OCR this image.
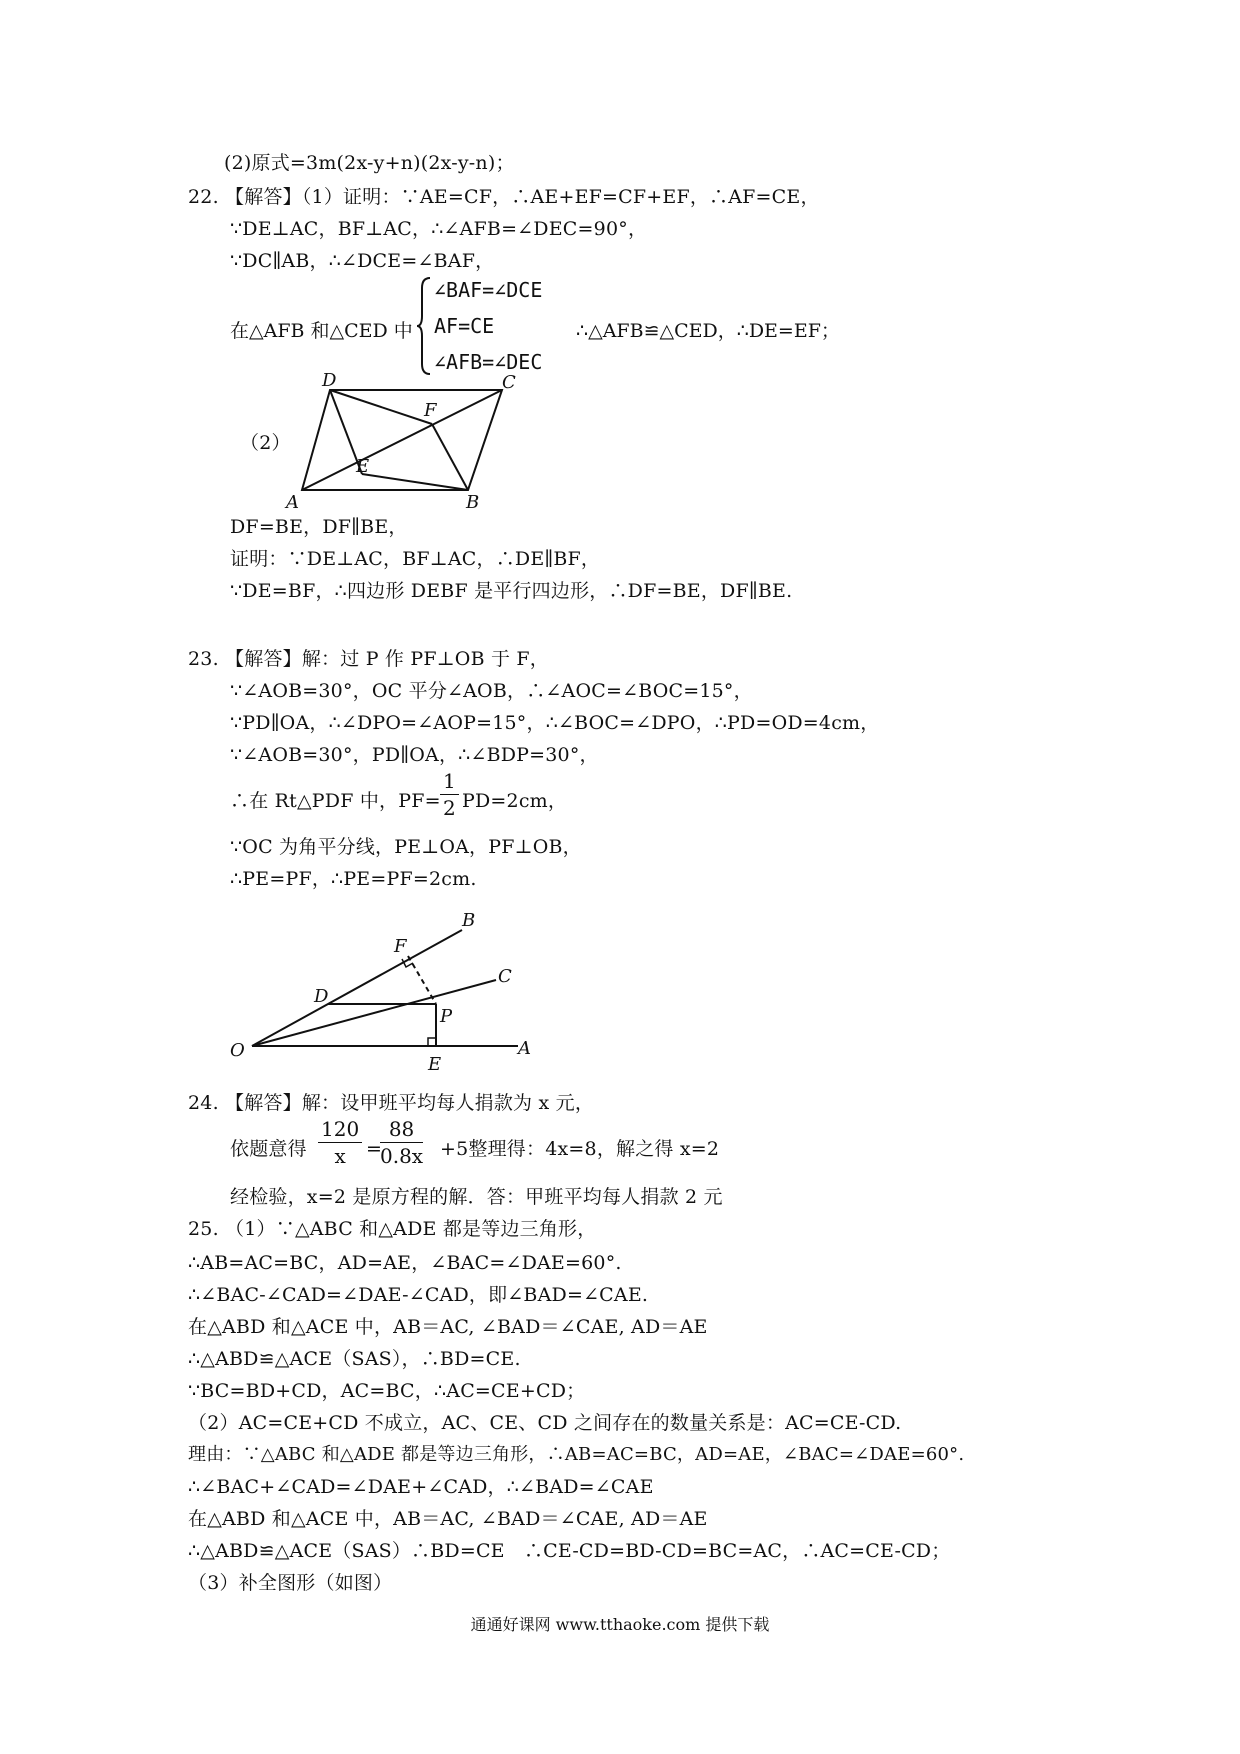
(2)原式=3m(2x-y+n)(2x-y-n)；
22. 【解答】（1）证明：∵AE=CF，∴AE+EF=CF+EF，∴AF=CE，
∵DE⊥AC，BF⊥AC，∴∠AFB=∠DEC=90°，
∵DC∥AB，∴∠DCE=∠BAF，
在△AFB 和△CED 中
∠BAF=∠DCE
AF=CE
∠AFB=∠DEC
∴△AFB≌△CED，∴DE=EF；
（2）
A	B
C
D
E
F
DF=BE，DF∥BE，
证明：∵DE⊥AC，BF⊥AC，∴DE∥BF，
∵DE=BF，∴四边形 DEBF 是平行四边形，∴DF=BE，DF∥BE.
23. 【解答】解：过 P 作 PF⊥OB 于 F，
∵∠AOB=30°，OC 平分∠AOB，∴∠AOC=∠BOC=15°，
∵PD∥OA，∴∠DPO=∠AOP=15°，∴∠BOC=∠DPO，∴PD=OD=4cm，
∵∠AOB=30°，PD∥OA，∴∠BDP=30°，
∴在 Rt△PDF 中，$PF= \frac{1}{2} PD=2cm$，
∵OC 为角平分线，PE⊥OA，PF⊥OB，
∴PE=PF，∴PE=PF=2cm.
O	A
B
C
D
E
F
P
24. 【解答】解：设甲班平均每人捐款为 x 元，
依题意得 $\frac{120}{x}$ =
$\frac{88}{0.8x} +5$整理得：4x=8，解之得 x=2
经检验，x=2 是原方程的解．答：甲班平均每人捐款 2 元
25. （1）∵△ABC 和△ADE 都是等边三角形，
∴AB=AC=BC，AD=AE，∠BAC=∠DAE=60°.
∴∠BAC-∠CAD=∠DAE-∠CAD，即∠BAD=∠CAE.
在△ABD 和△ACE 中，AB＝AC, ∠BAD＝∠CAE, AD＝AE
∴△ABD≌△ACE（SAS），∴BD=CE.
∵BC=BD+CD，AC=BC，∴AC=CE+CD；
（2）AC=CE+CD 不成立，AC、CE、CD 之间存在的数量关系是：AC=CE-CD.
理由：∵△ABC 和△ADE 都是等边三角形，∴AB=AC=BC，AD=AE，∠BAC=∠DAE=60°.
∴∠BAC+∠CAD=∠DAE+∠CAD，∴∠BAD=∠CAE
在△ABD 和△ACE 中，AB＝AC, ∠BAD＝∠CAE, AD＝AE
∴△ABD≌△ACE（SAS）∴BD=CE　∴CE-CD=BD-CD=BC=AC，∴AC=CE-CD；
（3）补全图形（如图）
通通好课网 www.tthaoke.com 提供下载
